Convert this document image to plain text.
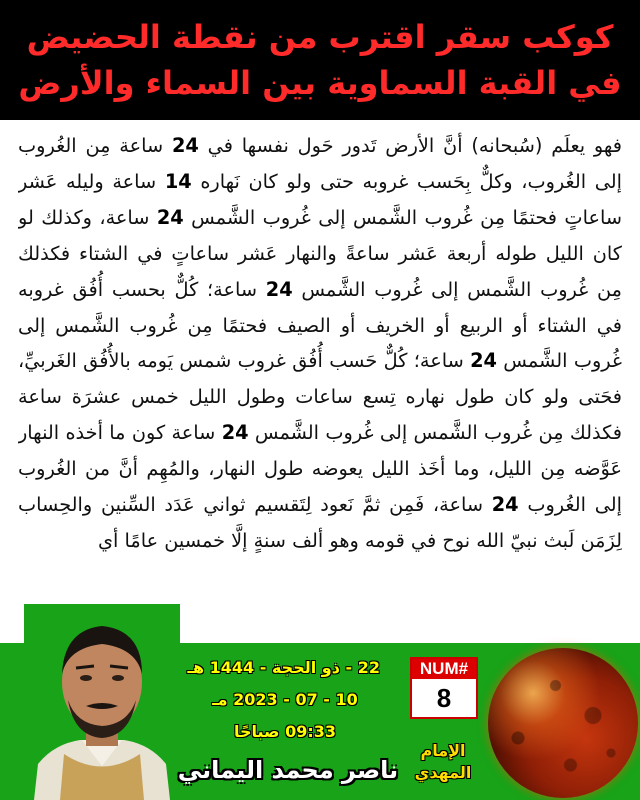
كوكب سقر اقترب من نقطة الحضيض
في القبة السماوية بين السماء والأرض
فهو يعلَم (سُبحانه) أنَّ الأرض تَدور حَول نفسها في 24 ساعة مِن الغُروب إلى الغُروب، وكلٌّ بِحَسب غروبه حتى ولو كان نَهاره 14 ساعة وليله عَشر ساعاتٍ فحتمًا مِن غُروب الشَّمس إلى غُروب الشَّمس 24 ساعة، وكذلك لو كان الليل طوله أربعة عَشر ساعةً والنهار عَشر ساعاتٍ في الشتاء فكذلك مِن غُروب الشَّمس إلى غُروب الشَّمس 24 ساعة؛ كُلٌّ بحسب أُفُق غروبه في الشتاء أو الربيع أو الخريف أو الصيف فحتمًا مِن غُروب الشَّمس إلى غُروب الشَّمس 24 ساعة؛ كُلٌّ حَسب أُفُق غروب شمس يَومه بالأُفُق الغَربيِّ، فحَتى ولو كان طول نهاره تِسع ساعات وطول الليل خمس عشرَة ساعة فكذلك مِن غُروب الشَّمس إلى غُروب الشَّمس 24 ساعة كون ما أخذه النهار عَوَّضه مِن الليل، وما أخَذ الليل يعوضه طول النهار، والمُهِم أنَّ من الغُروب إلى الغُروب 24 ساعة، فَمِن ثمَّ نَعود لِتَقسيم ثواني عَدَد السِّنين والحِساب لِزَمَن لَبث نبيّ الله نوح في قومه وهو ألف سنةٍ إلَّا خمسين عامًا أي
22 - ذو الحجة - 1444 هـ
10 - 07 - 2023 مـ
09:33 صباحًا
NUM#
8
الإمام
المهدي
ناصر محمد اليماني
